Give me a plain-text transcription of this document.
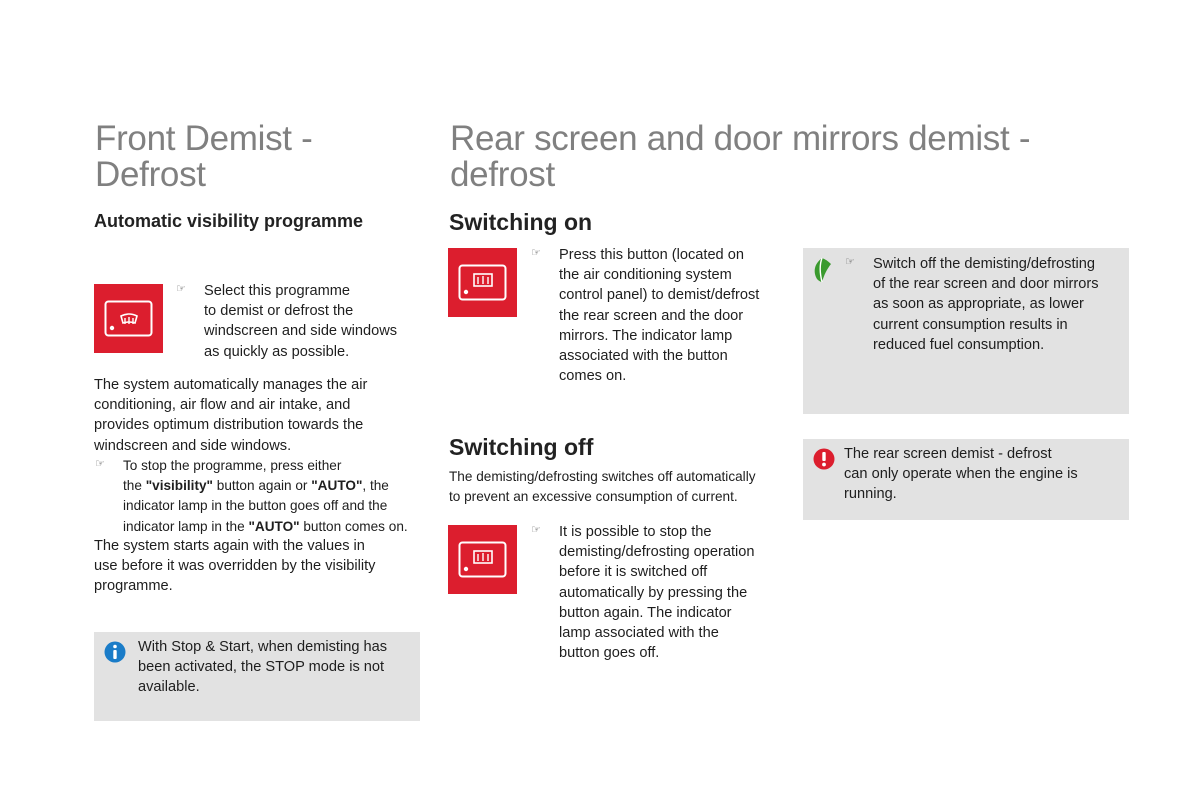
Front Demist -
Defrost
Automatic visibility programme
☞ Select this programme
to demist or defrost the
windscreen and side windows
as quickly as possible.
The system automatically manages the air
conditioning, air flow and air intake, and
provides optimum distribution towards the
windscreen and side windows.
☞ To stop the programme, press either
the "visibility" button again or "AUTO", the
indicator lamp in the button goes off and the
indicator lamp in the "AUTO" button comes on.
The system starts again with the values in
use before it was overridden by the visibility
programme.
With Stop & Start, when demisting has
been activated, the STOP mode is not
available.
Rear screen and door mirrors demist -
defrost
Switching on
☞ Press this button (located on
the air conditioning system
control panel) to demist/defrost
the rear screen and the door
mirrors. The indicator lamp
associated with the button
comes on.
Switching off
The demisting/defrosting switches off automatically
to prevent an excessive consumption of current.
☞ It is possible to stop the
demisting/defrosting operation
before it is switched off
automatically by pressing the
button again. The indicator
lamp associated with the
button goes off.
☞ Switch off the demisting/defrosting
of the rear screen and door mirrors
as soon as appropriate, as lower
current consumption results in
reduced fuel consumption.
The rear screen demist - defrost
can only operate when the engine is
running.
